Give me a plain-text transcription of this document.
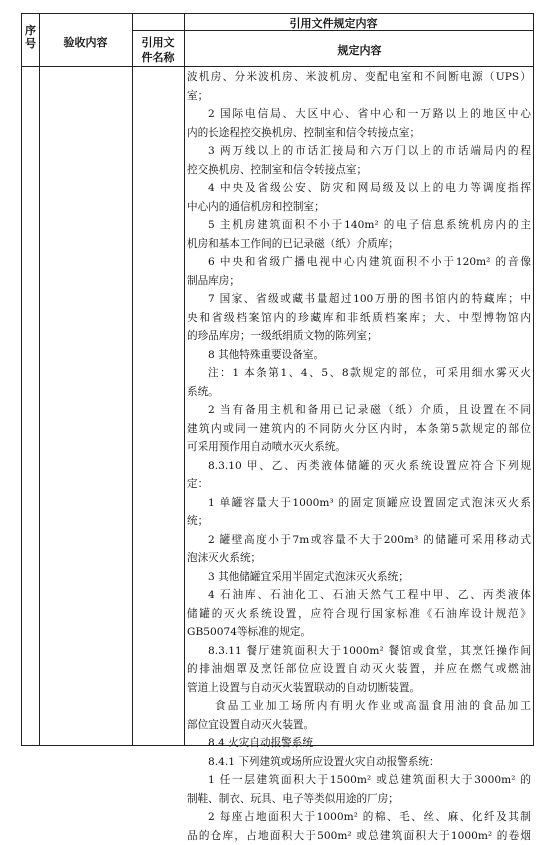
序号	验收内容
引用文件规定内容
引用文
件名称
规定内容
波机房、分米波机房、米波机房、变配电室和不间断电源（UPS）
室；
2 国际电信局、大区中心、省中心和一万路以上的地区中心
内的长途程控交换机房、控制室和信令转接点室；
3 两万线以上的市话汇接局和六万门以上的市话端局内的程
控交换机房、控制室和信令转接点室；
4 中央及省级公安、防灾和网局级及以上的电力等调度指挥
中心内的通信机房和控制室；
5 主机房建筑面积不小于140m² 的电子信息系统机房内的主
机房和基本工作间的已记录磁（纸）介质库；
6 中央和省级广播电视中心内建筑面积不小于120m² 的音像
制品库房；
7 国家、省级或藏书量超过100万册的图书馆内的特藏库；中
央和省级档案馆内的珍藏库和非纸质档案库；大、中型博物馆内
的珍品库房；一级纸绢质文物的陈列室；
8 其他特殊重要设备室。
注：1 本条第1、4、5、8款规定的部位，可采用细水雾灭火
系统。
2 当有备用主机和备用已记录磁（纸）介质，且设置在不同
建筑内或同一建筑内的不同防火分区内时，本条第5款规定的部位
可采用预作用自动喷水灭火系统。
8.3.10 甲、乙、丙类液体储罐的灭火系统设置应符合下列规
定：
1 单罐容量大于1000m³ 的固定顶罐应设置固定式泡沫灭火系
统；
2 罐壁高度小于7m或容量不大于200m³ 的储罐可采用移动式
泡沫灭火系统；
3 其他储罐宜采用半固定式泡沫灭火系统；
4 石油库、石油化工、石油天然气工程中甲、乙、丙类液体
储罐的灭火系统设置，应符合现行国家标准《石油库设计规范》
GB50074等标准的规定。
8.3.11 餐厅建筑面积大于1000m² 餐馆或食堂，其烹饪操作间
的排油烟罩及烹饪部位应设置自动灭火装置，并应在燃气或燃油
管道上设置与自动灭火装置联动的自动切断装置。
食品工业加工场所内有明火作业或高温食用油的食品加工
部位宜设置自动灭火装置。
8.4 火灾自动报警系统
8.4.1 下列建筑或场所应设置火灾自动报警系统：
1 任一层建筑面积大于1500m² 或总建筑面积大于3000m² 的
制鞋、制衣、玩具、电子等类似用途的厂房；
2 每座占地面积大于1000m² 的棉、毛、丝、麻、化纤及其制
品的仓库，占地面积大于500m² 或总建筑面积大于1000m² 的卷烟
